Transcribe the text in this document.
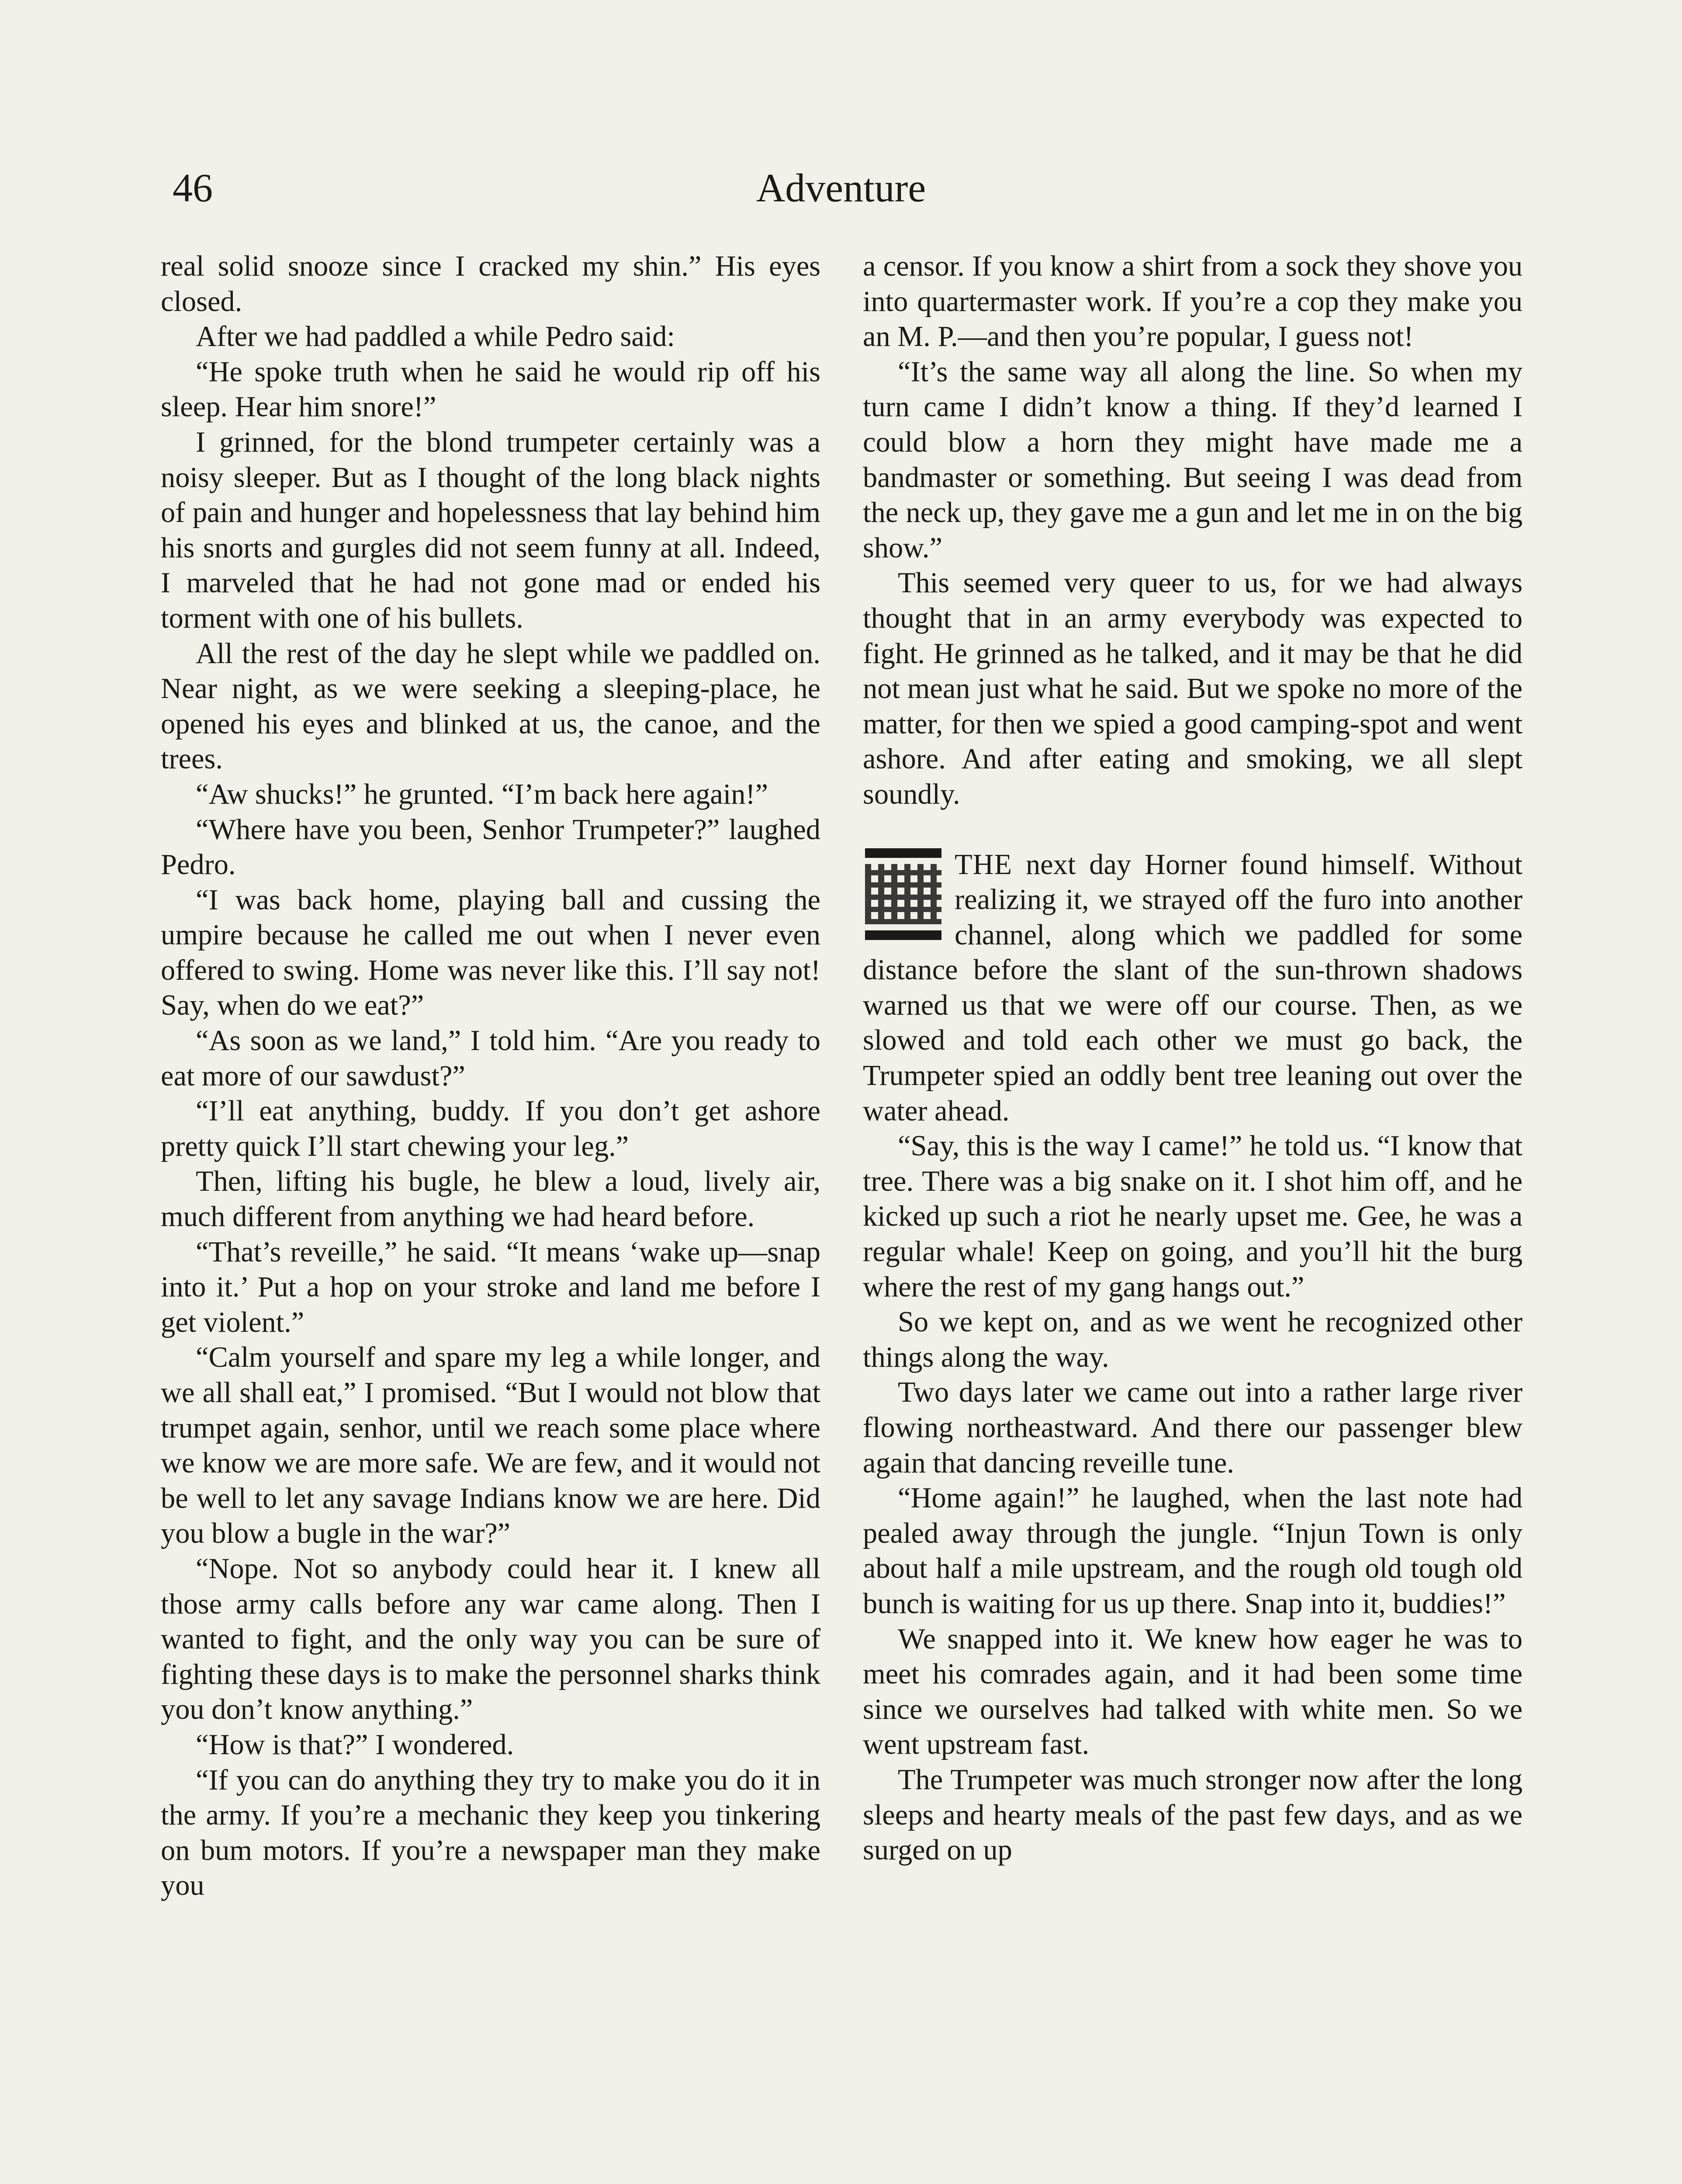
46	Adventure

real solid snooze since I cracked my shin.” His eyes closed.

After we had paddled a while Pedro said:

“He spoke truth when he said he would rip off his sleep. Hear him snore!”

I grinned, for the blond trumpeter certainly was a noisy sleeper. But as I thought of the long black nights of pain and hunger and hopelessness that lay behind him his snorts and gurgles did not seem funny at all. Indeed, I marveled that he had not gone mad or ended his torment with one of his bullets.

All the rest of the day he slept while we paddled on. Near night, as we were seeking a sleeping-place, he opened his eyes and blinked at us, the canoe, and the trees.

“Aw shucks!” he grunted. “I’m back here again!”

“Where have you been, Senhor Trumpeter?” laughed Pedro.

“I was back home, playing ball and cussing the umpire because he called me out when I never even offered to swing. Home was never like this. I’ll say not! Say, when do we eat?”

“As soon as we land,” I told him. “Are you ready to eat more of our sawdust?”

“I’ll eat anything, buddy. If you don’t get ashore pretty quick I’ll start chewing your leg.”

Then, lifting his bugle, he blew a loud, lively air, much different from anything we had heard before.

“That’s reveille,” he said. “It means ‘wake up—snap into it.’ Put a hop on your stroke and land me before I get violent.”

“Calm yourself and spare my leg a while longer, and we all shall eat,” I promised. “But I would not blow that trumpet again, senhor, until we reach some place where we know we are more safe. We are few, and it would not be well to let any savage Indians know we are here. Did you blow a bugle in the war?”

“Nope. Not so anybody could hear it. I knew all those army calls before any war came along. Then I wanted to fight, and the only way you can be sure of fighting these days is to make the personnel sharks think you don’t know anything.”

“How is that?” I wondered.

“If you can do anything they try to make you do it in the army. If you’re a mechanic they keep you tinkering on bum motors. If you’re a newspaper man they make you

a censor. If you know a shirt from a sock they shove you into quartermaster work. If you’re a cop they make you an M. P.—and then you’re popular, I guess not!

“It’s the same way all along the line. So when my turn came I didn’t know a thing. If they’d learned I could blow a horn they might have made me a bandmaster or something. But seeing I was dead from the neck up, they gave me a gun and let me in on the big show.”

This seemed very queer to us, for we had always thought that in an army everybody was expected to fight. He grinned as he talked, and it may be that he did not mean just what he said. But we spoke no more of the matter, for then we spied a good camping-spot and went ashore. And after eating and smoking, we all slept soundly.

THE next day Horner found himself. Without realizing it, we strayed off the furo into another channel, along which we paddled for some distance before the slant of the sun-thrown shadows warned us that we were off our course. Then, as we slowed and told each other we must go back, the Trumpeter spied an oddly bent tree leaning out over the water ahead.

“Say, this is the way I came!” he told us. “I know that tree. There was a big snake on it. I shot him off, and he kicked up such a riot he nearly upset me. Gee, he was a regular whale! Keep on going, and you’ll hit the burg where the rest of my gang hangs out.”

So we kept on, and as we went he recognized other things along the way.

Two days later we came out into a rather large river flowing northeastward. And there our passenger blew again that dancing reveille tune.

“Home again!” he laughed, when the last note had pealed away through the jungle. “Injun Town is only about half a mile upstream, and the rough old tough old bunch is waiting for us up there. Snap into it, buddies!”

We snapped into it. We knew how eager he was to meet his comrades again, and it had been some time since we ourselves had talked with white men. So we went upstream fast.

The Trumpeter was much stronger now after the long sleeps and hearty meals of the past few days, and as we surged on up
